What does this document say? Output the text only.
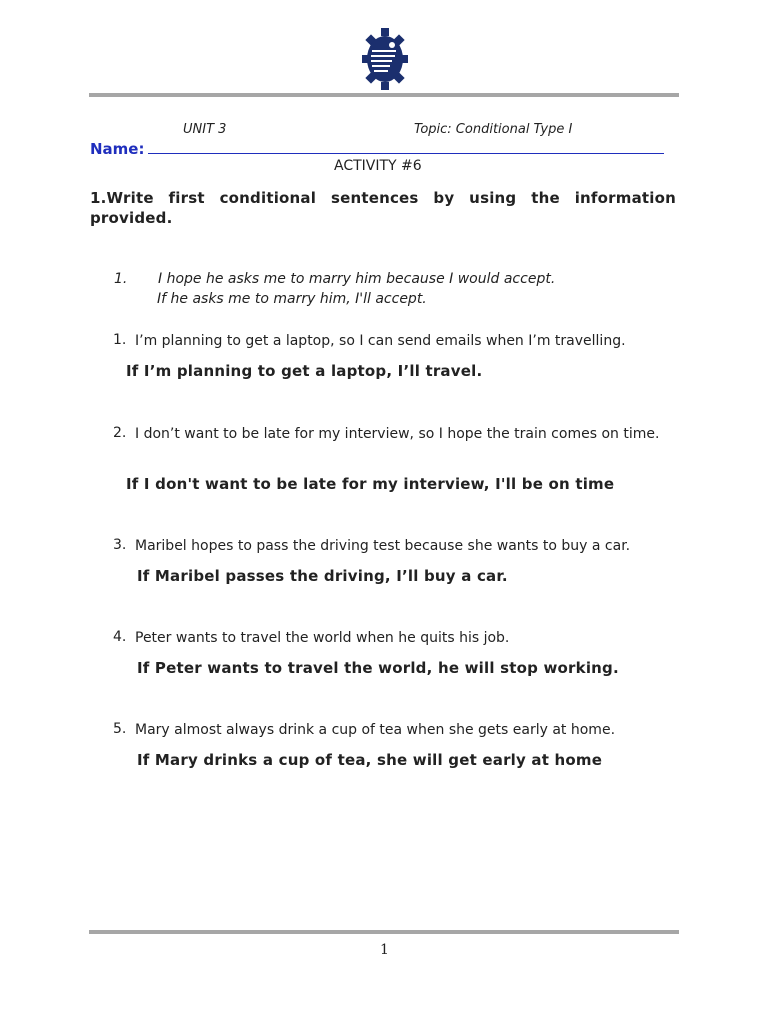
UNIT 3	Topic: Conditional Type I
Name:
ACTIVITY #6
1.Write first conditional sentences by using the information provided.
1. I hope he asks me to marry him because I would accept.
If he asks me to marry him, I'll accept.
1. I’m planning to get a laptop, so I can send emails when I’m travelling.
If I’m planning to get a laptop, I’ll travel.
2. I don’t want to be late for my interview, so I hope the train comes on time.
If I don't want to be late for my interview, I'll be on time
3. Maribel hopes to pass the driving test because she wants to buy a car.
If Maribel passes the driving, I’ll buy a car.
4. Peter wants to travel the world when he quits his job.
If Peter wants to travel the world, he will stop working.
5. Mary almost always drink a cup of tea when she gets early at home.
If Mary drinks a cup of tea, she will get early at home
1
